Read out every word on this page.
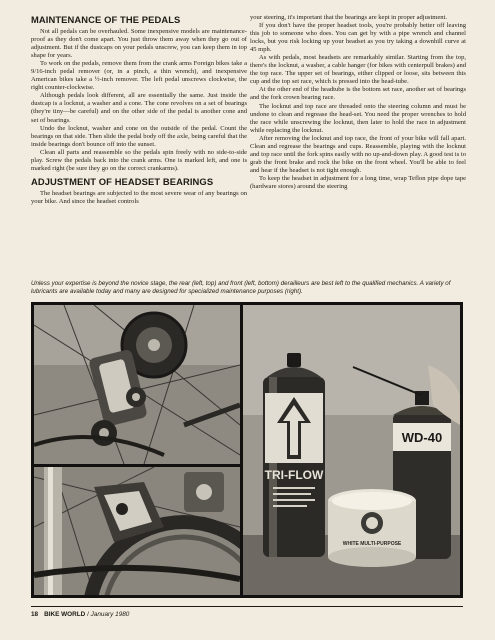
MAINTENANCE OF THE PEDALS

Not all pedals can be overhauled. Some inexpensive models are maintenance-proof as they don't come apart. You just throw them away when they go out of adjustment. But if the dustcaps on your pedals unscrew, you can keep them in top shape for years.

To work on the pedals, remove them from the crank arms Foreign bikes take a 9/16-inch pedal remover (or, in a pinch, a thin wrench), and inexpensive American bikes take a ½-inch remover. The left pedal unscrews clockwise, the right counter-clockwise.

Although pedals look different, all are essentially the same. Just inside the dustcap is a locknut, a washer and a cone. The cone revolves on a set of bearings (they're tiny—be careful) and on the other side of the pedal is another cone and set of bearings.

Undo the locknut, washer and cone on the outside of the pedal. Count the bearings on that side. Then slide the pedal body off the axle, being careful that the inside bearings don't bounce off into the sunset.

Clean all parts and reassemble so the pedals spin freely with no side-to-side play. Screw the pedals back into the crank arms. One is marked left, and one is marked right (be sure they go on the correct crankarms).

ADJUSTMENT OF HEADSET BEARINGS

The headset bearings are subjected to the most severe wear of any bearings on your bike. And since the headset controls

your steering, it's important that the bearings are kept in proper adjustment.

If you don't have the proper headset tools, you're probably better off leaving this job to someone who does. You can get by with a pipe wrench and channel locks, but you risk locking up your headset as you try taking a downhill curve at 45 mph.

As with pedals, most headsets are remarkably similar. Starting from the top, there's the locknut, a washer, a cable hanger (for bikes with centerpull brakes) and the top race. The upper set of bearings, either clipped or loose, sits between this cup and the top set race, which is pressed into the head-tube.

At the other end of the headtube is the bottom set race, another set of bearings and the fork crown bearing race.

The locknut and top race are threaded onto the steering column and must be undone to clean and regrease the head-set. You need the proper wrenches to hold the race while unscrewing the locknut, then later to hold the race in adjustment while replacing the locknut.

After removing the locknut and top race, the front of your bike will fall apart. Clean and regrease the bearings and cups. Reassemble, playing with the locknut and top race until the fork spins easily with no up-and-down play. A good test is to grab the front brake and rock the bike on the front wheel. You'll be able to feel and hear if the headset is not tight enough.

To keep the headset in adjustment for a long time, wrap Teflon pipe dope tape (hardware stores) around the steering

Unless your expertise is beyond the novice stage, the rear (left, top) and front (left, bottom) derailleurs are best left to the qualified mechanics. A variety of lubricants are available today and many are designed for specialized maintenance purposes (right).
TRI-FLOW
WD-40
WHITE MULTI-PURPOSE
18 BIKE WORLD / January 1980
